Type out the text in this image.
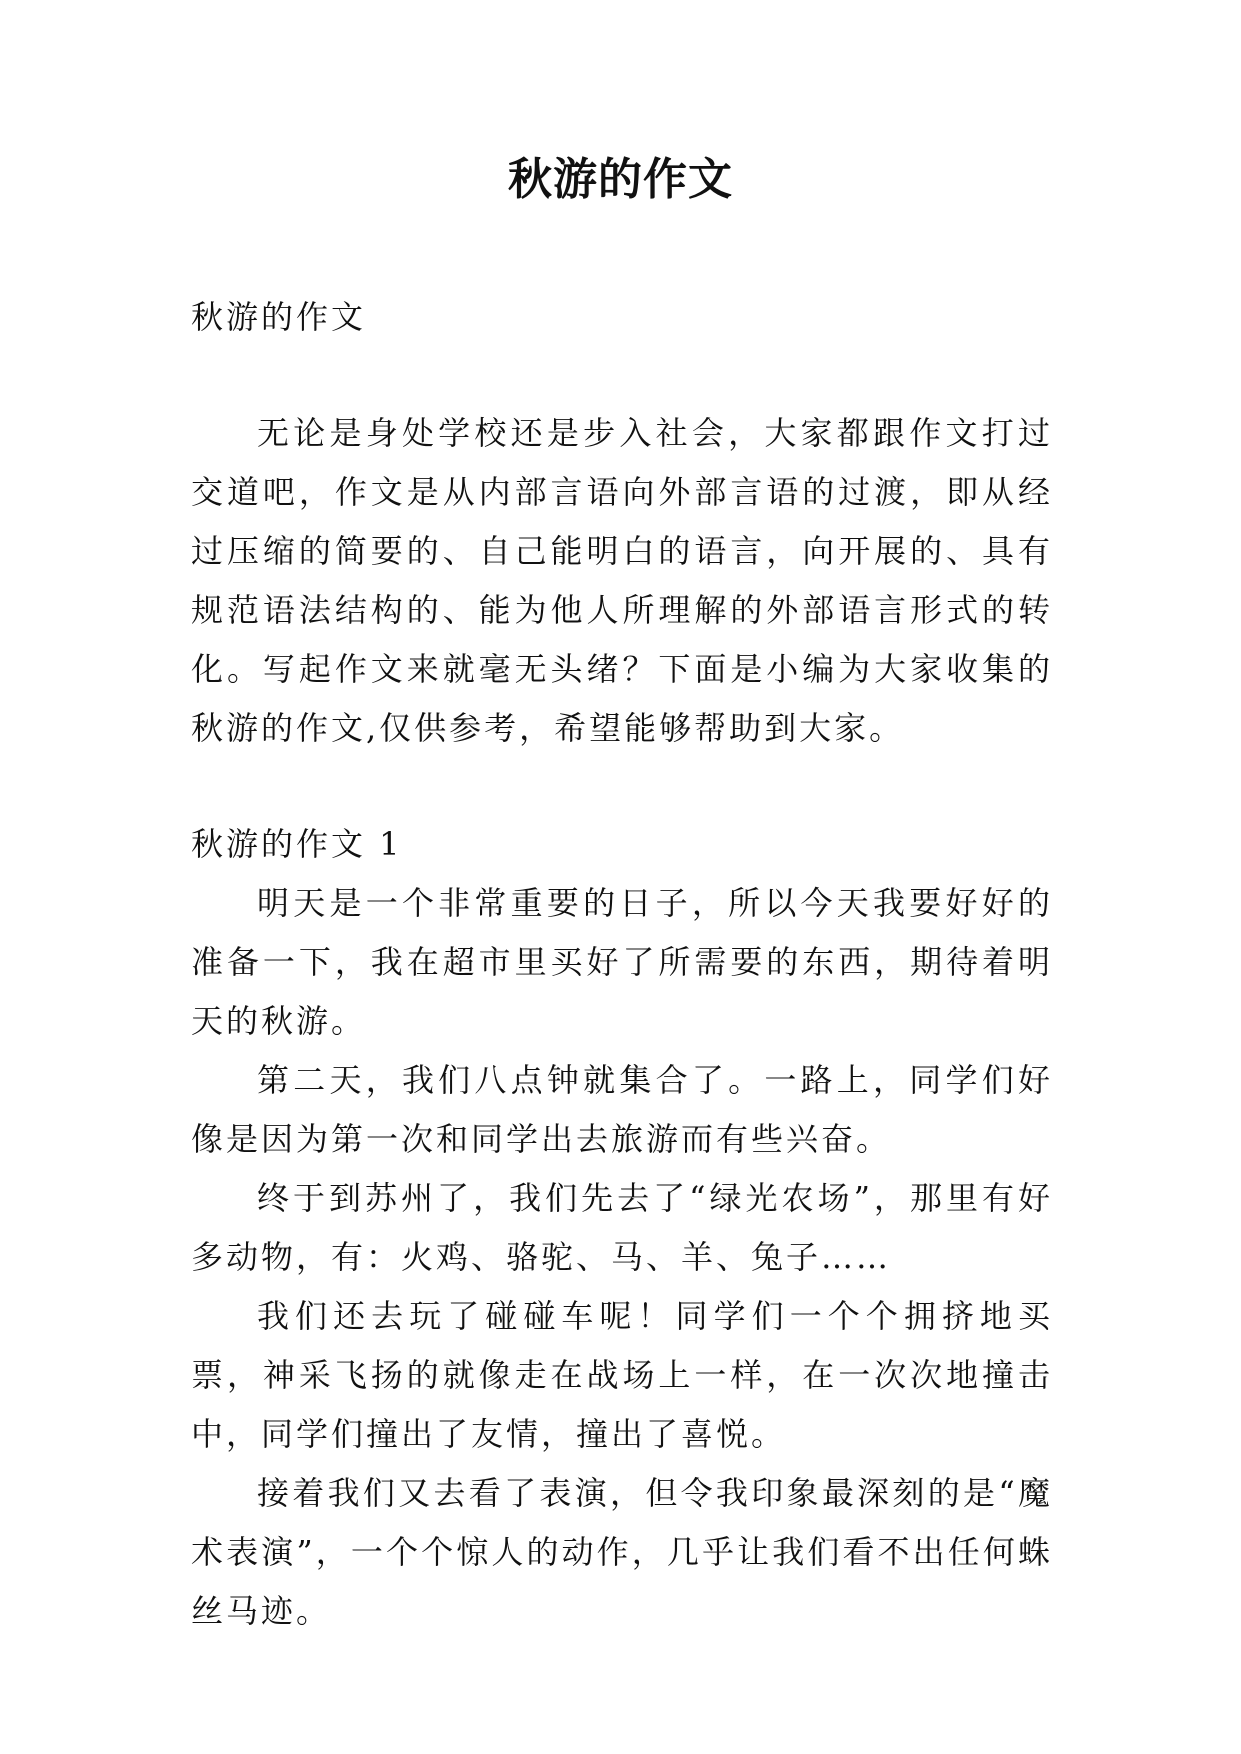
秋游的作文

秋游的作文

无论是身处学校还是步入社会，大家都跟作文打过交道吧，作文是从内部言语向外部言语的过渡，即从经过压缩的简要的、自己能明白的语言，向开展的、具有规范语法结构的、能为他人所理解的外部语言形式的转化。写起作文来就毫无头绪？下面是小编为大家收集的秋游的作文,仅供参考，希望能够帮助到大家。

秋游的作文 1

明天是一个非常重要的日子，所以今天我要好好的准备一下，我在超市里买好了所需要的东西，期待着明天的秋游。

第二天，我们八点钟就集合了。一路上，同学们好像是因为第一次和同学出去旅游而有些兴奋。

终于到苏州了，我们先去了“绿光农场”，那里有好多动物，有：火鸡、骆驼、马、羊、兔子……

我们还去玩了碰碰车呢！同学们一个个拥挤地买票，神采飞扬的就像走在战场上一样，在一次次地撞击中，同学们撞出了友情，撞出了喜悦。

接着我们又去看了表演，但令我印象最深刻的是“魔术表演”，一个个惊人的动作，几乎让我们看不出任何蛛丝马迹。
